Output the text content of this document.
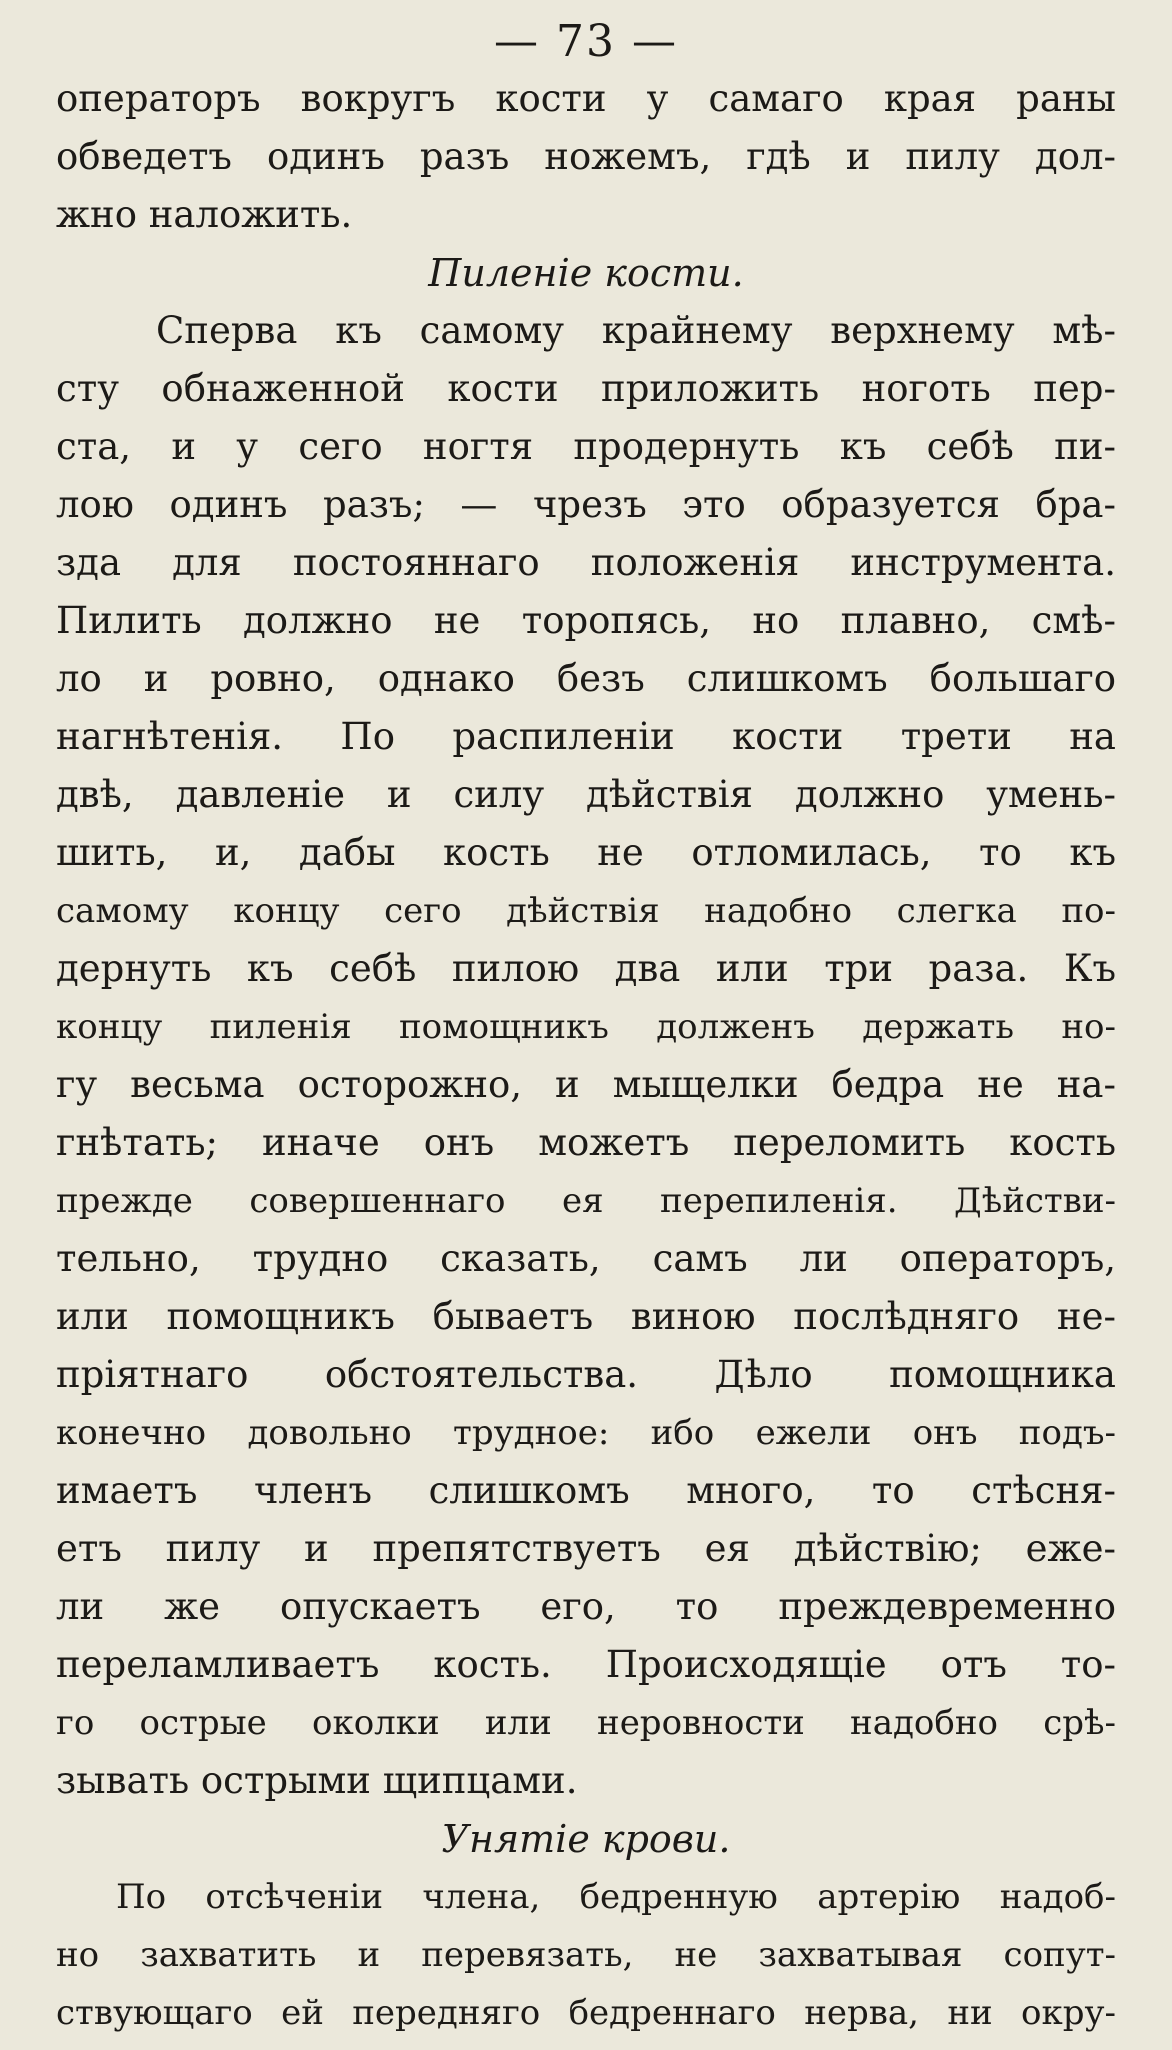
— 73 —
операторъ вокругъ кости у самаго края раны
обведетъ одинъ разъ ножемъ, гдѣ и пилу дол-
жно наложить.
Пиленіе кости.
Сперва къ самому крайнему верхнему мѣ-
сту обнаженной кости приложить ноготь пер-
ста, и у сего ногтя продернуть къ себѣ пи-
лою одинъ разъ; — чрезъ это образуется бра-
зда для постояннаго положенія инструмента.
Пилить должно не торопясь, но плавно, смѣ-
ло и ровно, однако безъ слишкомъ большаго
нагнѣтенія. По распиленіи кости трети на
двѣ, давленіе и силу дѣйствія должно умень-
шить, и, дабы кость не отломилась, то къ
самому концу сего дѣйствія надобно слегка по-
дернуть къ себѣ пилою два или три раза. Къ
концу пиленія помощникъ долженъ держать но-
гу весьма осторожно, и мыщелки бедра не на-
гнѣтать; иначе онъ можетъ переломить кость
прежде совершеннаго ея перепиленія. Дѣйстви-
тельно, трудно сказать, самъ ли операторъ,
или помощникъ бываетъ виною послѣдняго не-
пріятнаго обстоятельства. Дѣло помощника
конечно довольно трудное: ибо ежели онъ подъ-
имаетъ членъ слишкомъ много, то стѣсня-
етъ пилу и препятствуетъ ея дѣйствію; еже-
ли же опускаетъ его, то преждевременно
переламливаетъ кость. Происходящіе отъ то-
го острые околки или неровности надобно срѣ-
зывать острыми щипцами.
Унятіе крови.
По отсѣченіи члена, бедренную артерію надоб-
но захватить и перевязать, не захватывая сопут-
ствующаго ей передняго бедреннаго нерва, ни окру-
